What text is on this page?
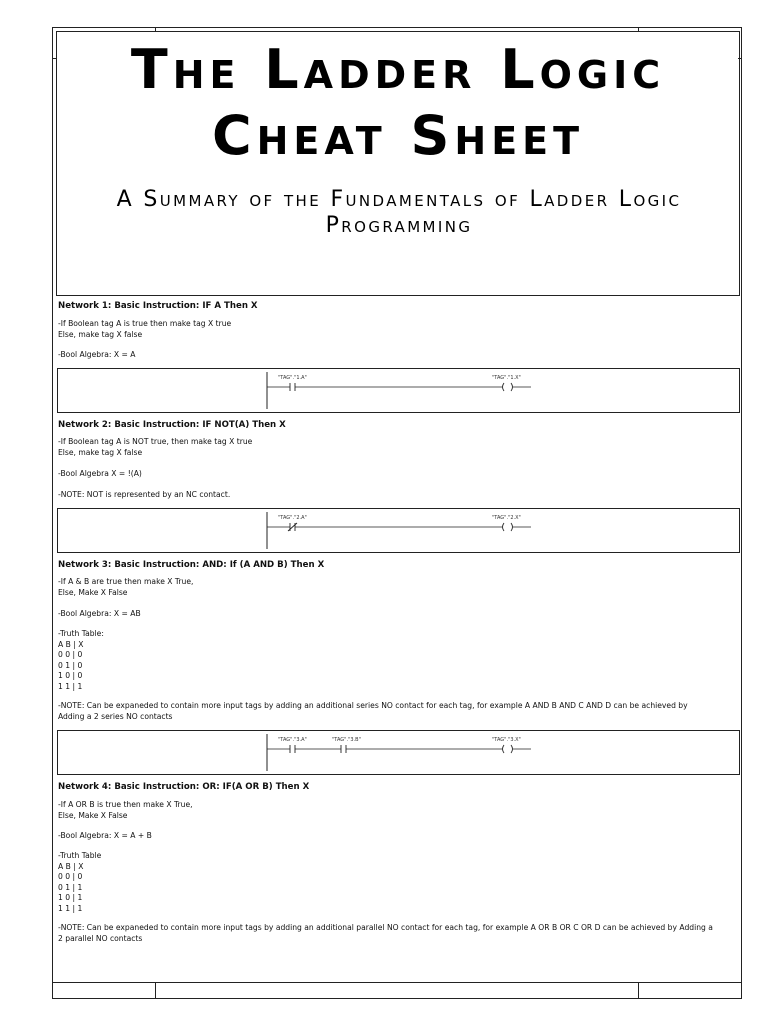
The Ladder Logic
Cheat Sheet
A Summary of the Fundamentals of Ladder Logic Programming
Network 1: Basic Instruction: IF A Then X
-If Boolean tag A is true then make tag X true
Else, make tag X false
-Bool Algebra: X = A
"TAG"."1.A"	"TAG"."1.X"
Network 2: Basic Instruction: IF NOT(A) Then X
-If Boolean tag A is NOT true, then make tag X true
Else, make tag X false
-Bool Algebra X = !(A)
-NOTE: NOT is represented by an NC contact.
"TAG"."2.A"	"TAG"."2.X"
Network 3: Basic Instruction: AND: If (A AND B) Then X
-If A & B are true then make X True,
Else, Make X False
-Bool Algebra: X = AB
-Truth Table:
A B | X
0 0 | 0
0 1 | 0
1 0 | 0
1 1 | 1
-NOTE: Can be expaneded to contain more input tags by adding an additional series NO contact for each tag, for example A AND B AND C AND D can be achieved by
Adding a 2 series NO contacts
"TAG"."3.A"	"TAG"."3.B"	"TAG"."3.X"
Network 4: Basic Instruction: OR: IF(A OR B) Then X
-If A OR B is true then make X True,
Else, Make X False
-Bool Algebra: X = A + B
-Truth Table
A B | X
0 0 | 0
0 1 | 1
1 0 | 1
1 1 | 1
-NOTE: Can be expaneded to contain more input tags by adding an additional parallel NO contact for each tag, for example A OR B OR C OR D can be achieved by Adding a
2 parallel NO contacts
